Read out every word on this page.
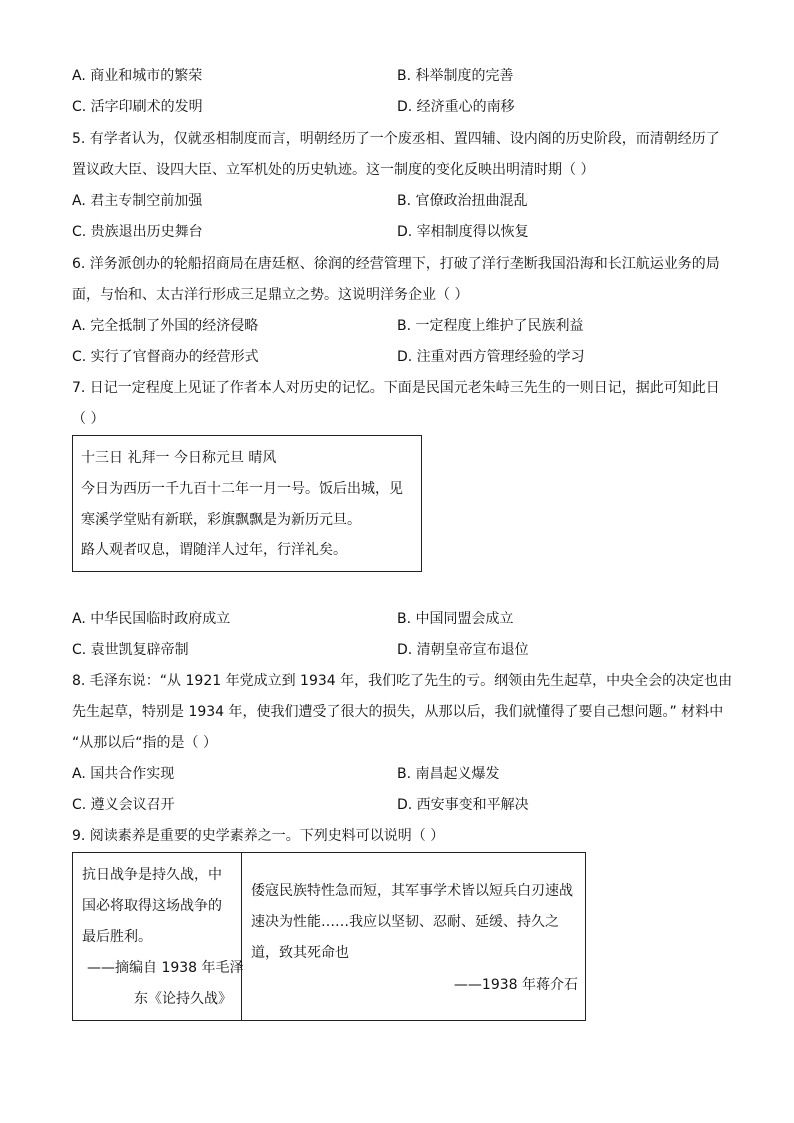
A. 商业和城市的繁荣	B. 科举制度的完善
C. 活字印刷术的发明	D. 经济重心的南移
5. 有学者认为，仅就丞相制度而言，明朝经历了一个废丞相、置四辅、设内阁的历史阶段，而清朝经历了
置议政大臣、设四大臣、立军机处的历史轨迹。这一制度的变化反映出明清时期（ ）
A. 君主专制空前加强	B. 官僚政治扭曲混乱
C. 贵族退出历史舞台	D. 宰相制度得以恢复
6. 洋务派创办的轮船招商局在唐廷枢、徐润的经营管理下，打破了洋行垄断我国沿海和长江航运业务的局
面，与怡和、太古洋行形成三足鼎立之势。这说明洋务企业（ ）
A. 完全抵制了外国的经济侵略	B. 一定程度上维护了民族利益
C. 实行了官督商办的经营形式	D. 注重对西方管理经验的学习
7. 日记一定程度上见证了作者本人对历史的记忆。下面是民国元老朱峙三先生的一则日记，据此可知此日
（ ）
十三日 礼拜一 今日称元旦 晴风
今日为西历一千九百十二年一月一号。饭后出城，见
寒溪学堂贴有新联，彩旗飘飘是为新历元旦。
路人观者叹息，谓随洋人过年，行洋礼矣。
A. 中华民国临时政府成立	B. 中国同盟会成立
C. 袁世凯复辟帝制	D. 清朝皇帝宣布退位
8. 毛泽东说：“从 1921 年党成立到 1934 年，我们吃了先生的亏。纲领由先生起草，中央全会的决定也由
先生起草，特别是 1934 年，使我们遭受了很大的损失，从那以后，我们就懂得了要自己想问题。” 材料中
“从那以后“指的是（ ）
A. 国共合作实现	B. 南昌起义爆发
C. 遵义会议召开	D. 西安事变和平解决
9. 阅读素养是重要的史学素养之一。下列史料可以说明（ ）
抗日战争是持久战，中
国必将取得这场战争的
最后胜利。
——摘编自 1938 年毛泽
东《论持久战》
倭寇民族特性急而短，其军事学术皆以短兵白刃速战
速决为性能……我应以坚韧、忍耐、延缓、持久之
道，致其死命也
——1938 年蒋介石
